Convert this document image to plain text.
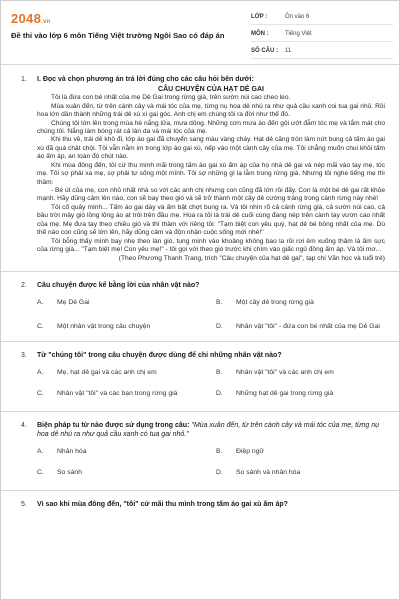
2048.vn
Đề thi vào lớp 6 môn Tiếng Việt trường Ngôi Sao có đáp án
LỚP :	Ôn vào 6
MÔN :	Tiếng Việt
SỐ CÂU :	11
1. I. Đọc và chọn phương án trả lời đúng cho các câu hỏi bên dưới:
CÂU CHUYỆN CỦA HẠT DẺ GAI

Tôi là đứa con bé nhất của mẹ Dẻ Gai trong rừng già, trên sườn núi cao cheo leo.

Mùa xuân đến, từ trên cành cây và mái tóc của mẹ, từng nụ hoa dẻ nhú ra như quả cầu xanh coi tua gai nhỏ. Rồi hoa lớn dần thành những trái dẻ xù xì gai góc. Anh chị em chúng tôi ra đời như thế đó.

Chúng tôi lớn lên trong mùa hè nắng lửa, mưa dông. Những cơn mưa áo đến gội ướt đẫm tóc mẹ và tắm mát cho chúng tôi. Nắng làm bóng rát cả làn da và mái tóc của mẹ.

Khi thu về, trái dẻ khô đi, lớp áo gai đã chuyển sang màu vàng cháy. Hạt dẻ căng tròn làm nứt bung cả tấm áo gai xù đã quá chật chội. Tôi vẫn nằm im trong lớp áo gai xù, nếp vào một cành cây của mẹ. Tôi chẳng muốn chui khỏi tấm áo ấm áp, an toàn đó chút nào.

Khi mùa đông đến, tôi cứ thu mình mãi trong tấm áo gai xù ấm áp của họ nhà dẻ gai và nép mãi vào tay mẹ, tóc mẹ. Tôi sợ phải xa mẹ, sợ phải tự sống một mình. Tôi sợ những gì lạ lẫm trong rừng già. Nhưng tôi nghe tiếng mẹ thì thầm:

- Bé út của mẹ, con nhỏ nhất nhà so với các anh chị nhưng con cũng đã lớn rồi đấy. Con là một bé dẻ gai rất khỏe mạnh. Hãy dũng cảm lên nào, con sẽ bay theo gió và sẽ trở thành một cây dẻ cường tráng trong cánh rừng này nhé!

Tôi cố quây mình... Tấm áo gai dày và ấm bật chợt bung ra. Và tôi nhìn rõ cả cánh rừng già, cả sườn núi cao, cả bầu trời mây gió lồng lộng áo ạt trôi trên đầu mẹ. Hoa ra tôi là trái dẻ cuối cùng đang nép trên cành tay vươn cao nhất của mẹ. Mẹ đưa tay theo chiều gió và thì thầm với riêng tôi: "Tạm biệt con yêu quý, hạt dẻ bé bỏng nhất của mẹ. Dù thế nào con cũng sẽ lớn lên, hãy dũng cảm và độn nhận cuộc sống mới nhé!"

Tôi bỗng thấy mình bay nhẹ theo làn gió, tung mình vào khoảng không bao la rồi rơi êm xuống thảm lá ấm sực của rừng già... "Tạm biệt mẹ! Con yêu mẹ!" - tôi gọi với theo gió trước khi chìm vào giấc ngủ đông ấm áp. Và tôi mơ...

(Theo Phương Thanh Trang, trích "Câu chuyện của hạt dẻ gai", tạp chí Văn học và tuổi trẻ)

2. Câu chuyện được kể bằng lời của nhân vật nào?
A.	Mẹ Dẻ Gai	B.	Một cây dẻ trong rừng già
C.	Một nhân vật trong câu chuyện	D.	Nhân vật "tôi" - đứa con bé nhất của mẹ Dẻ Gai
3. Từ "chúng tôi" trong câu chuyện được dùng để chỉ những nhân vật nào?
A.	Mẹ, hạt dẻ gai và các anh chị em	B.	Nhân vật "tôi" và các anh chị em
C.	Nhân vật "tôi" và các bạn trong rừng già	D.	Những hạt dẻ gai trong rừng già
4. Biện pháp tu từ nào được sử dụng trong câu: "Mùa xuân đến, từ trên cành cây và mái tóc của mẹ, từng nụ hoa dẻ nhú ra như quả cầu xanh có tua gai nhỏ."
A.	Nhân hóa	B.	Điệp ngữ
C.	So sánh	D.	So sánh và nhân hóa
5. Vì sao khi mùa đông đến, "tôi" cứ mãi thu mình trong tấm áo gai xù ấm áp?
